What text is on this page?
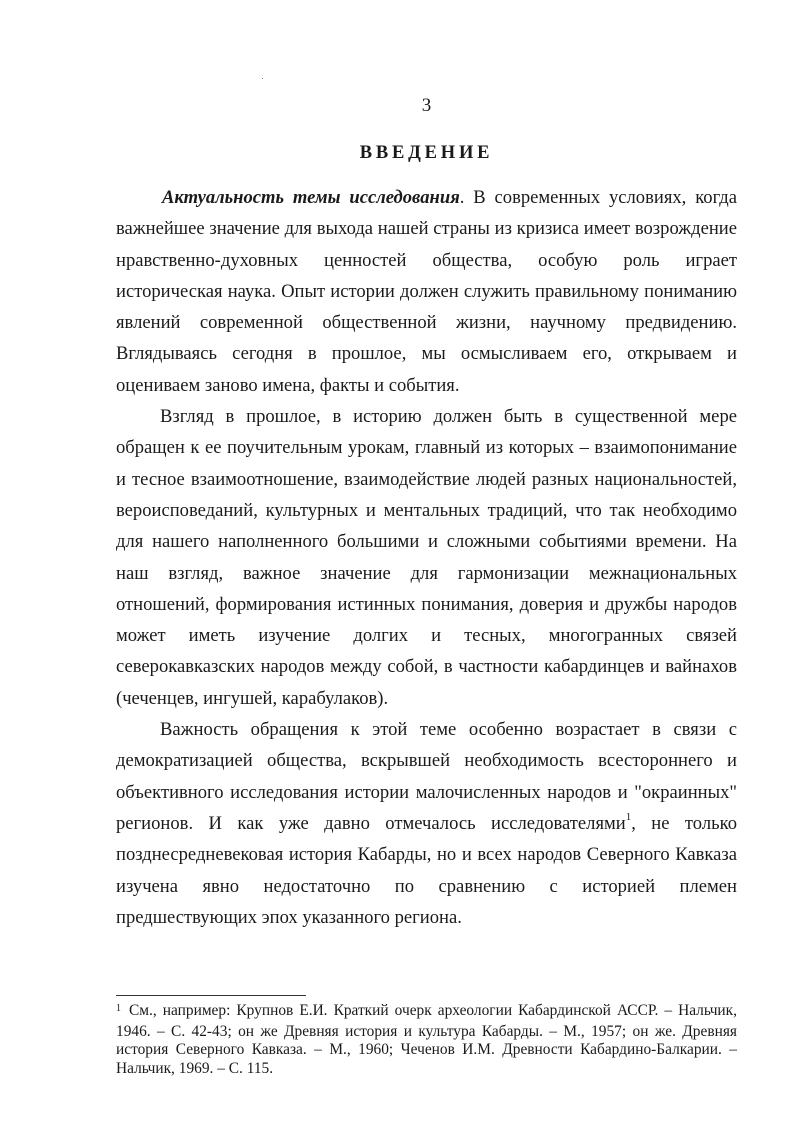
3
ВВЕДЕНИЕ

Актуальность темы исследования. В современных условиях, когда важнейшее значение для выхода нашей страны из кризиса имеет возрождение нравственно-духовных ценностей общества, особую роль играет историческая наука. Опыт истории должен служить правильному пониманию явлений современной общественной жизни, научному предвидению. Вглядываясь сегодня в прошлое, мы осмысливаем его, открываем и оцениваем заново имена, факты и события.

Взгляд в прошлое, в историю должен быть в существенной мере обращен к ее поучительным урокам, главный из которых – взаимопонимание и тесное взаимоотношение, взаимодействие людей разных национальностей, вероисповеданий, культурных и ментальных традиций, что так необходимо для нашего наполненного большими и сложными событиями времени. На наш взгляд, важное значение для гармонизации межнациональных отношений, формирования истинных понимания, доверия и дружбы народов может иметь изучение долгих и тесных, многогранных связей северокавказских народов между собой, в частности кабардинцев и вайнахов (чеченцев, ингушей, карабулаков).

Важность обращения к этой теме особенно возрастает в связи с демократизацией общества, вскрывшей необходимость всестороннего и объективного исследования истории малочисленных народов и "окраинных" регионов. И как уже давно отмечалось исследователями$^1$, не только позднесредневековая история Кабарды, но и всех народов Северного Кавказа изучена явно недостаточно по сравнению с историей племен предшествующих эпох указанного региона.

$^1$ См., например: Крупнов Е.И. Краткий очерк археологии Кабардинской АССР. – Нальчик, 1946. – С. 42-43; он же Древняя история и культура Кабарды. – М., 1957; он же. Древняя история Северного Кавказа. – М., 1960; Чеченов И.М. Древности Кабардино-Балкарии. – Нальчик, 1969. – С. 115.
